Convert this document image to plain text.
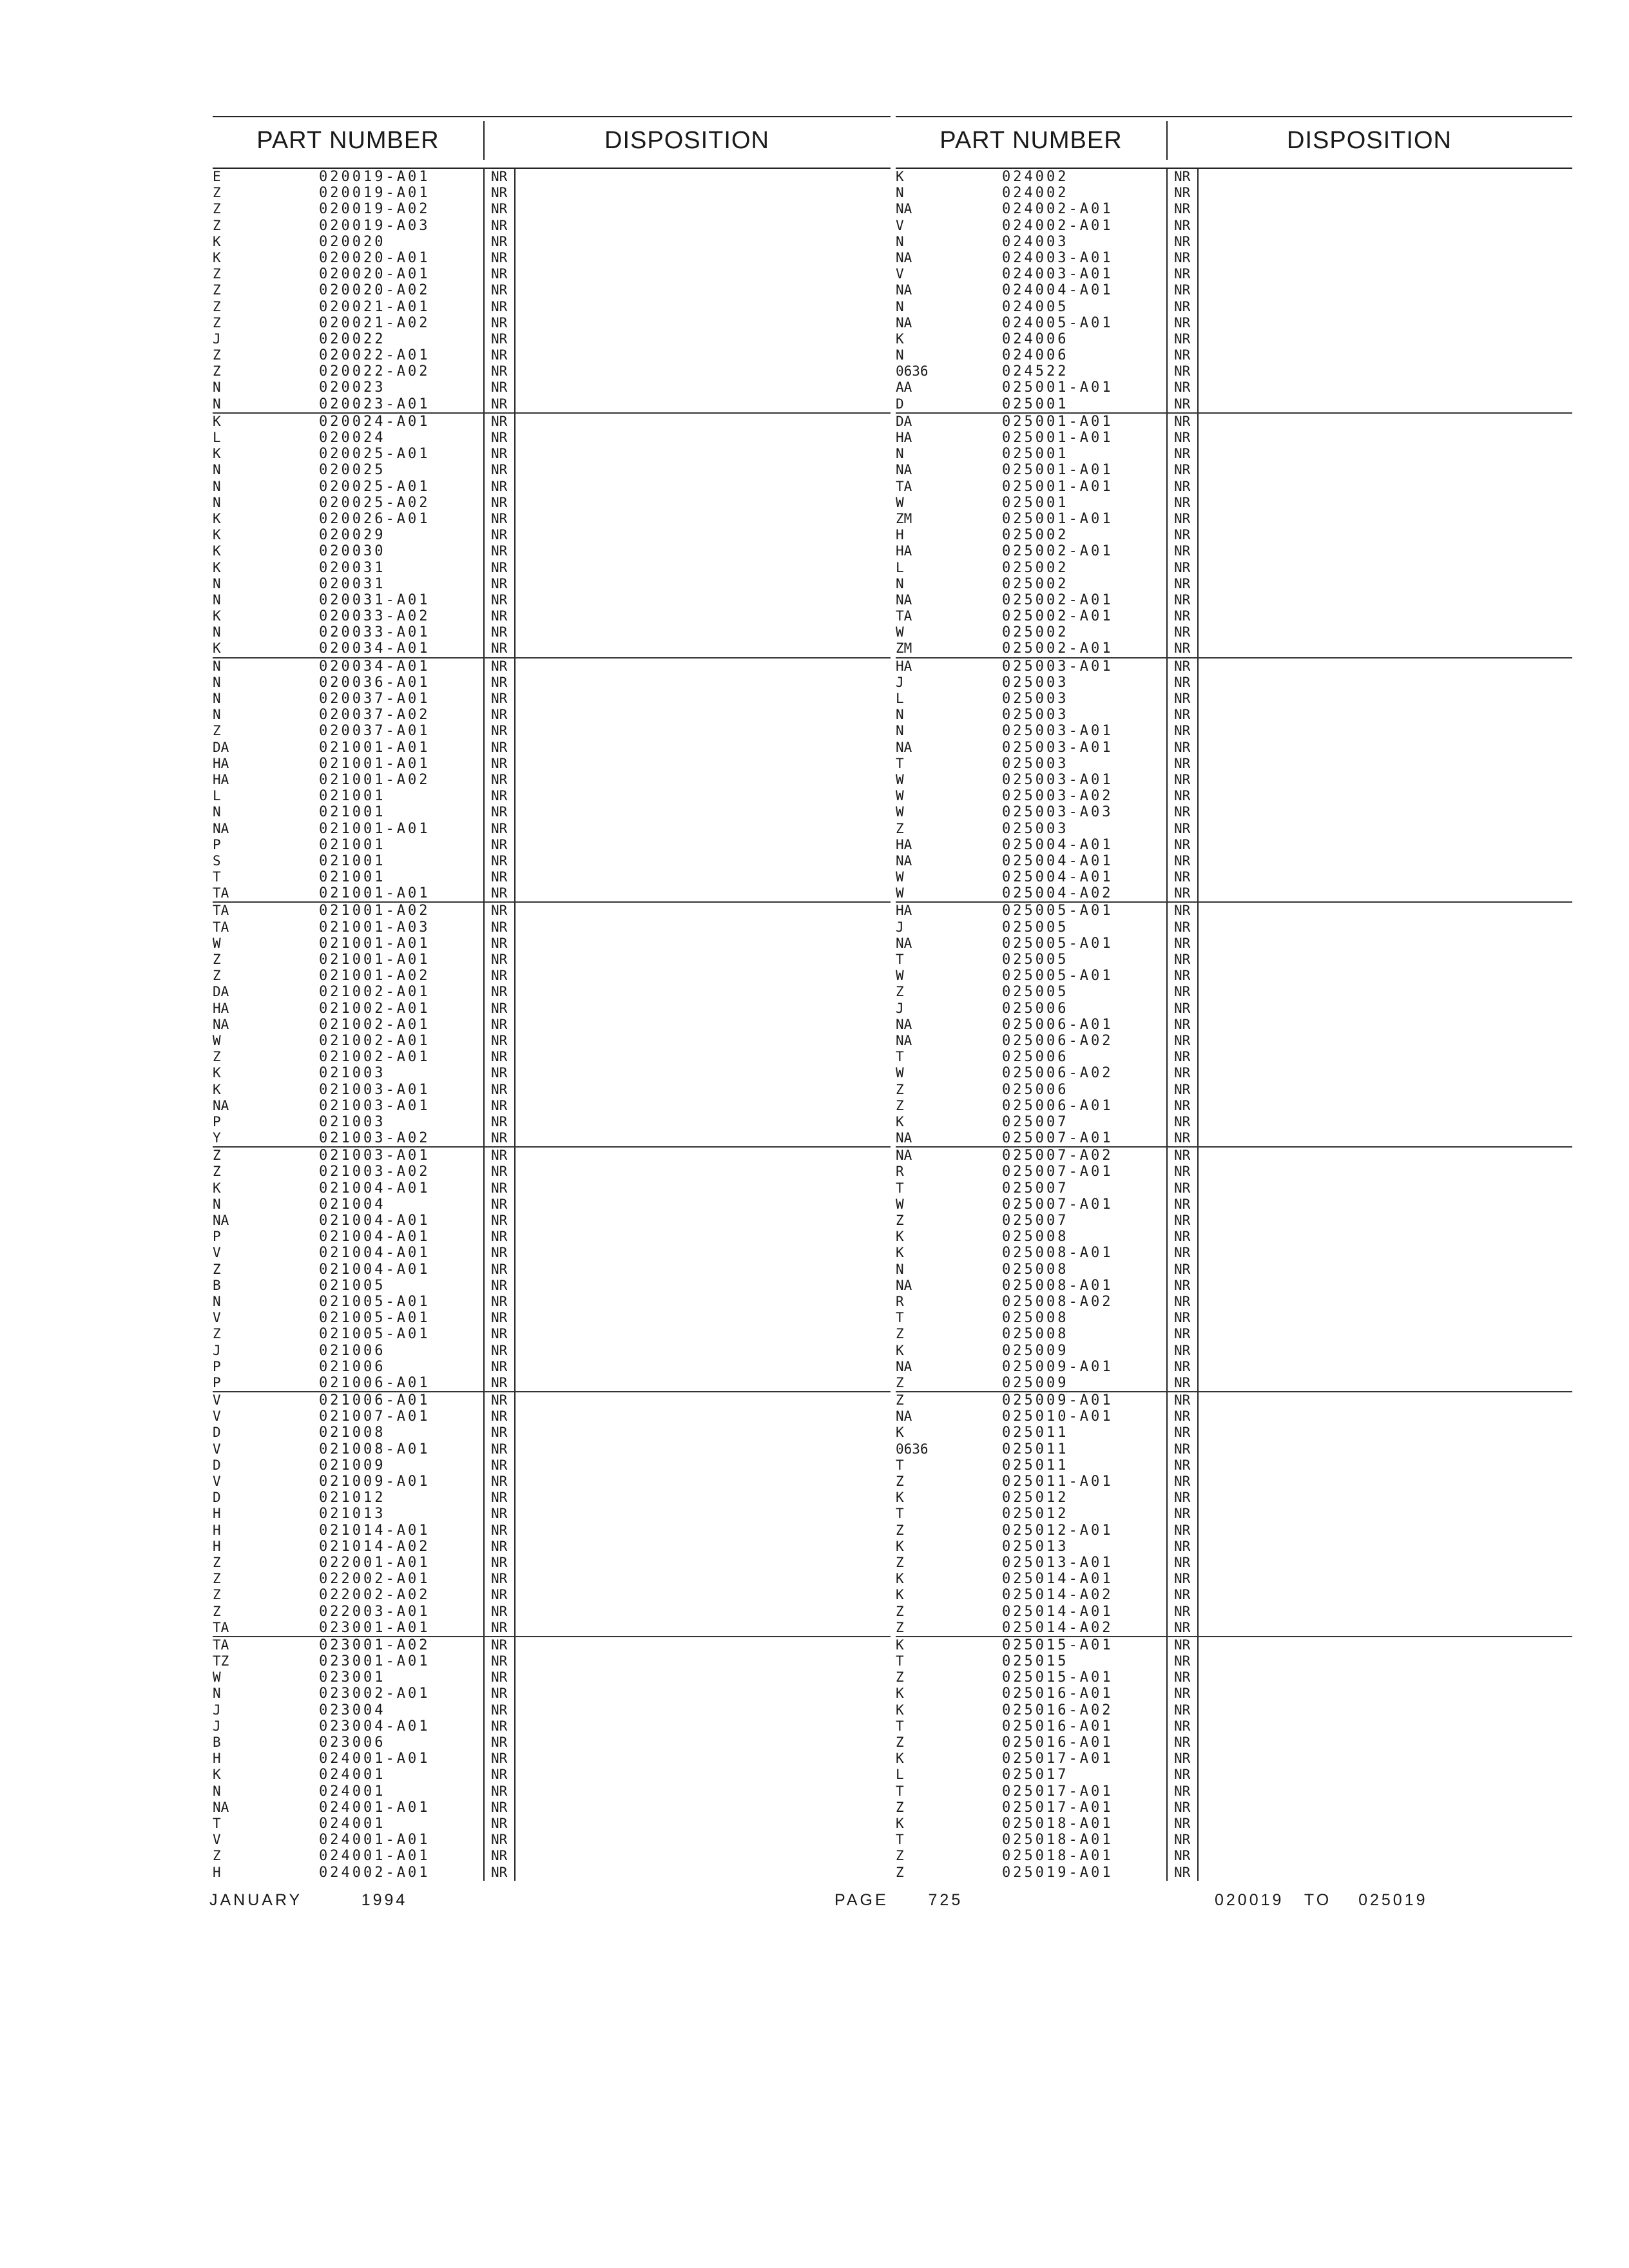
PART NUMBER	DISPOSITION
E	020019-A01	NR
Z	020019-A01	NR
Z	020019-A02	NR
Z	020019-A03	NR
K	020020	NR
K	020020-A01	NR
Z	020020-A01	NR
Z	020020-A02	NR
Z	020021-A01	NR
Z	020021-A02	NR
J	020022	NR
Z	020022-A01	NR
Z	020022-A02	NR
N	020023	NR
N	020023-A01	NR
K	020024-A01	NR
L	020024	NR
K	020025-A01	NR
N	020025	NR
N	020025-A01	NR
N	020025-A02	NR
K	020026-A01	NR
K	020029	NR
K	020030	NR
K	020031	NR
N	020031	NR
N	020031-A01	NR
K	020033-A02	NR
N	020033-A01	NR
K	020034-A01	NR
N	020034-A01	NR
N	020036-A01	NR
N	020037-A01	NR
N	020037-A02	NR
Z	020037-A01	NR
DA	021001-A01	NR
HA	021001-A01	NR
HA	021001-A02	NR
L	021001	NR
N	021001	NR
NA	021001-A01	NR
P	021001	NR
S	021001	NR
T	021001	NR
TA	021001-A01	NR
TA	021001-A02	NR
TA	021001-A03	NR
W	021001-A01	NR
Z	021001-A01	NR
Z	021001-A02	NR
DA	021002-A01	NR
HA	021002-A01	NR
NA	021002-A01	NR
W	021002-A01	NR
Z	021002-A01	NR
K	021003	NR
K	021003-A01	NR
NA	021003-A01	NR
P	021003	NR
Y	021003-A02	NR
Z	021003-A01	NR
Z	021003-A02	NR
K	021004-A01	NR
N	021004	NR
NA	021004-A01	NR
P	021004-A01	NR
V	021004-A01	NR
Z	021004-A01	NR
B	021005	NR
N	021005-A01	NR
V	021005-A01	NR
Z	021005-A01	NR
J	021006	NR
P	021006	NR
P	021006-A01	NR
V	021006-A01	NR
V	021007-A01	NR
D	021008	NR
V	021008-A01	NR
D	021009	NR
V	021009-A01	NR
D	021012	NR
H	021013	NR
H	021014-A01	NR
H	021014-A02	NR
Z	022001-A01	NR
Z	022002-A01	NR
Z	022002-A02	NR
Z	022003-A01	NR
TA	023001-A01	NR
TA	023001-A02	NR
TZ	023001-A01	NR
W	023001	NR
N	023002-A01	NR
J	023004	NR
J	023004-A01	NR
B	023006	NR
H	024001-A01	NR
K	024001	NR
N	024001	NR
NA	024001-A01	NR
T	024001	NR
V	024001-A01	NR
Z	024001-A01	NR
H	024002-A01	NR
PART NUMBER	DISPOSITION
K	024002	NR
N	024002	NR
NA	024002-A01	NR
V	024002-A01	NR
N	024003	NR
NA	024003-A01	NR
V	024003-A01	NR
NA	024004-A01	NR
N	024005	NR
NA	024005-A01	NR
K	024006	NR
N	024006	NR
0636	024522	NR
AA	025001-A01	NR
D	025001	NR
DA	025001-A01	NR
HA	025001-A01	NR
N	025001	NR
NA	025001-A01	NR
TA	025001-A01	NR
W	025001	NR
ZM	025001-A01	NR
H	025002	NR
HA	025002-A01	NR
L	025002	NR
N	025002	NR
NA	025002-A01	NR
TA	025002-A01	NR
W	025002	NR
ZM	025002-A01	NR
HA	025003-A01	NR
J	025003	NR
L	025003	NR
N	025003	NR
N	025003-A01	NR
NA	025003-A01	NR
T	025003	NR
W	025003-A01	NR
W	025003-A02	NR
W	025003-A03	NR
Z	025003	NR
HA	025004-A01	NR
NA	025004-A01	NR
W	025004-A01	NR
W	025004-A02	NR
HA	025005-A01	NR
J	025005	NR
NA	025005-A01	NR
T	025005	NR
W	025005-A01	NR
Z	025005	NR
J	025006	NR
NA	025006-A01	NR
NA	025006-A02	NR
T	025006	NR
W	025006-A02	NR
Z	025006	NR
Z	025006-A01	NR
K	025007	NR
NA	025007-A01	NR
NA	025007-A02	NR
R	025007-A01	NR
T	025007	NR
W	025007-A01	NR
Z	025007	NR
K	025008	NR
K	025008-A01	NR
N	025008	NR
NA	025008-A01	NR
R	025008-A02	NR
T	025008	NR
Z	025008	NR
K	025009	NR
NA	025009-A01	NR
Z	025009	NR
Z	025009-A01	NR
NA	025010-A01	NR
K	025011	NR
0636	025011	NR
T	025011	NR
Z	025011-A01	NR
K	025012	NR
T	025012	NR
Z	025012-A01	NR
K	025013	NR
Z	025013-A01	NR
K	025014-A01	NR
K	025014-A02	NR
Z	025014-A01	NR
Z	025014-A02	NR
K	025015-A01	NR
T	025015	NR
Z	025015-A01	NR
K	025016-A01	NR
K	025016-A02	NR
T	025016-A01	NR
Z	025016-A01	NR
K	025017-A01	NR
L	025017	NR
T	025017-A01	NR
Z	025017-A01	NR
K	025018-A01	NR
T	025018-A01	NR
Z	025018-A01	NR
Z	025019-A01	NR
JANUARY	1994	PAGE 725	020019 TO 025019
